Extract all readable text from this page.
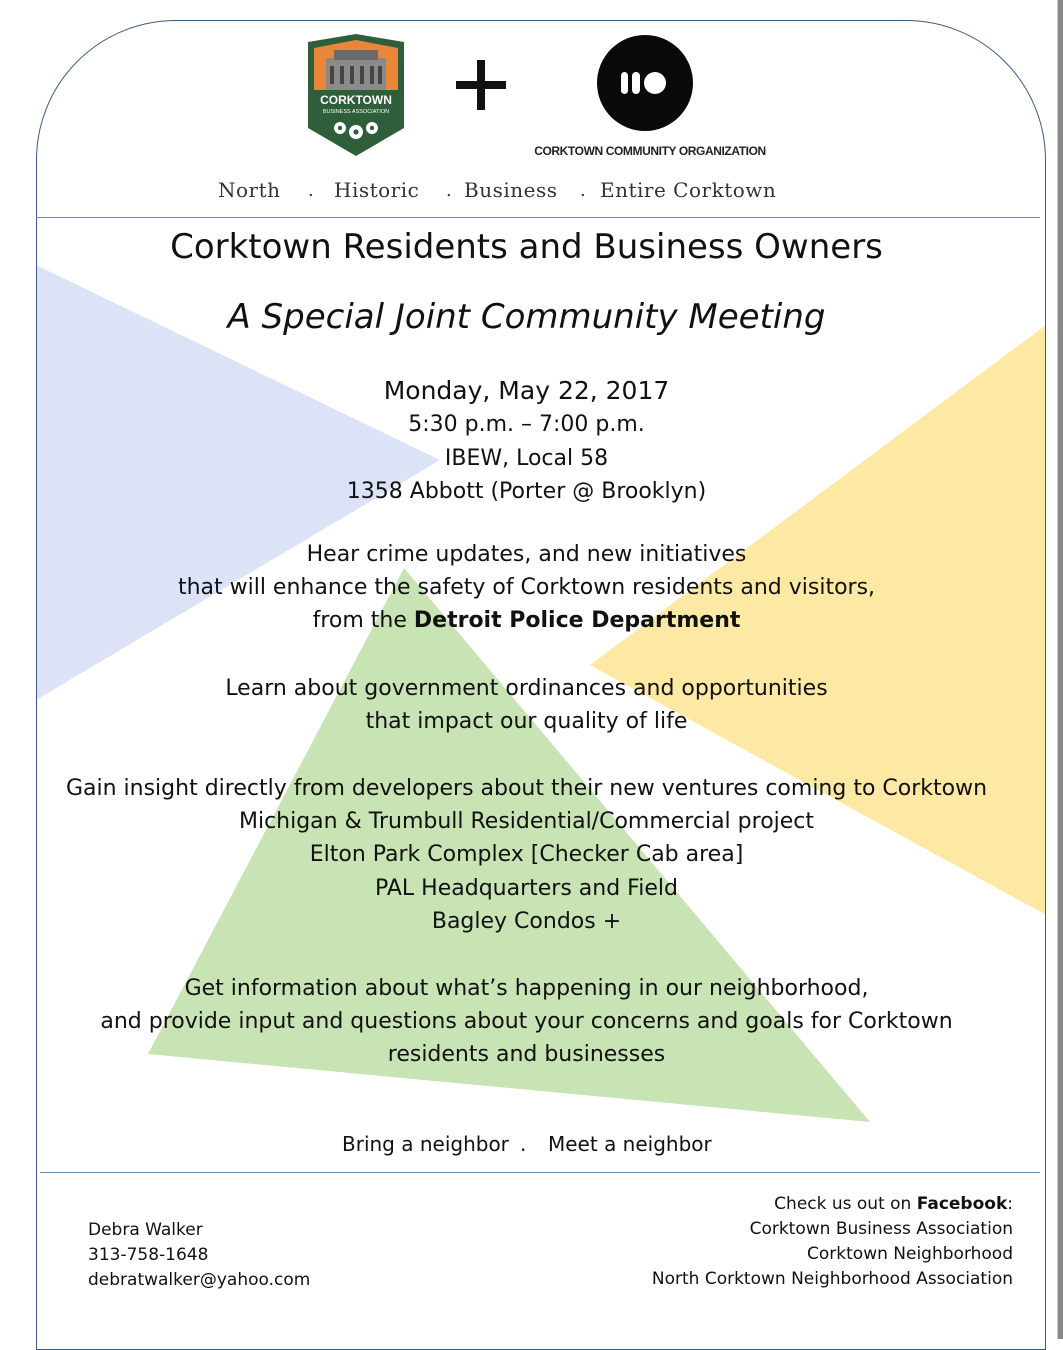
CORKTOWN
BUSINESS ASSOCIATION
CORKTOWN COMMUNITY ORGANIZATION
North . Historic . Business . Entire Corktown
Corktown Residents and Business Owners
A Special Joint Community Meeting
Monday, May 22, 2017
5:30 p.m. – 7:00 p.m.
IBEW, Local 58
1358 Abbott (Porter @ Brooklyn)
Hear crime updates, and new initiatives
that will enhance the safety of Corktown residents and visitors,
from the Detroit Police Department
Learn about government ordinances and opportunities
that impact our quality of life
Gain insight directly from developers about their new ventures coming to Corktown
Michigan & Trumbull Residential/Commercial project
Elton Park Complex [Checker Cab area]
PAL Headquarters and Field
Bagley Condos +
Get information about what’s happening in our neighborhood,
and provide input and questions about your concerns and goals for Corktown
residents and businesses
Bring a neighbor . Meet a neighbor
Debra Walker
313-758-1648
debratwalker@yahoo.com
Check us out on Facebook:
Corktown Business Association
Corktown Neighborhood
North Corktown Neighborhood Association
